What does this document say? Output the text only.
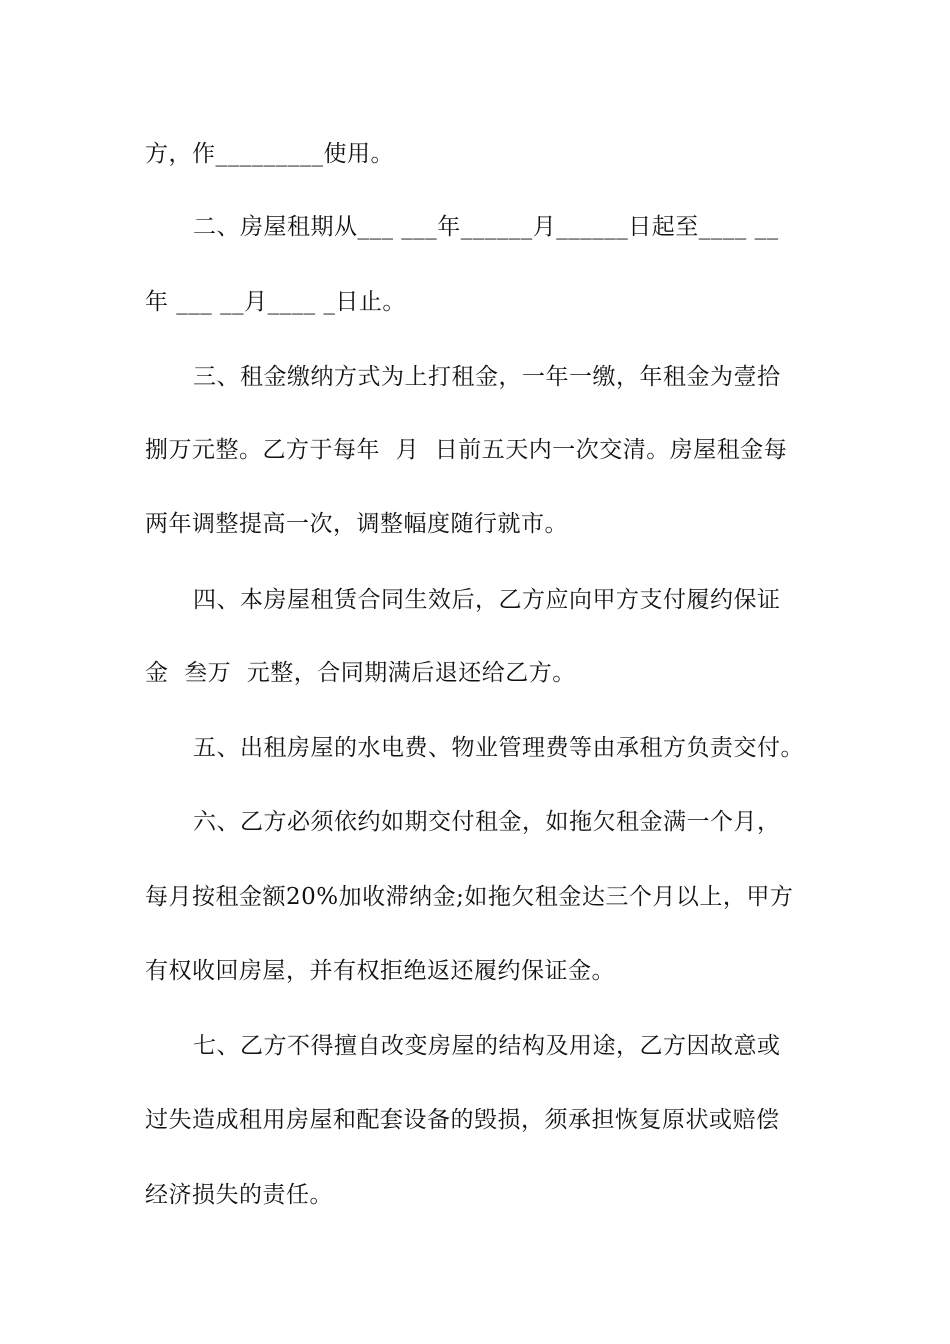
方，作_________使用。
二、房屋租期从___ ___年______月______日起至____ __
年 ___ __月____ _日止。
三、租金缴纳方式为上打租金，一年一缴，年租金为壹拾
捌万元整。乙方于每年  月  日前五天内一次交清。房屋租金每
两年调整提高一次，调整幅度随行就市。
四、本房屋租赁合同生效后，乙方应向甲方支付履约保证
金  叁万  元整，合同期满后退还给乙方。
五、出租房屋的水电费、物业管理费等由承租方负责交付。
六、乙方必须依约如期交付租金，如拖欠租金满一个月，
每月按租金额20%加收滞纳金;如拖欠租金达三个月以上，甲方
有权收回房屋，并有权拒绝返还履约保证金。
七、乙方不得擅自改变房屋的结构及用途，乙方因故意或
过失造成租用房屋和配套设备的毁损，须承担恢复原状或赔偿
经济损失的责任。
